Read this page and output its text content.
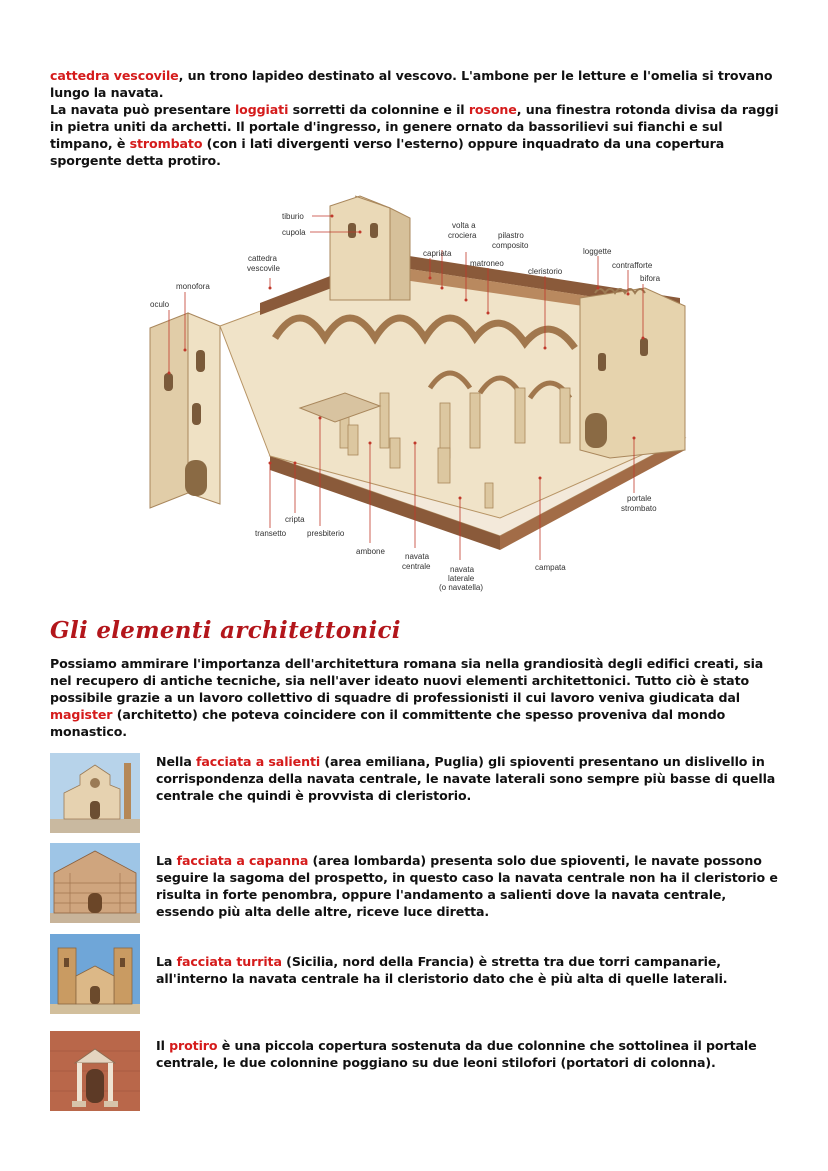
cattedra vescovile, un trono lapideo destinato al vescovo. L'ambone per le letture e l'omelia si trovano lungo la navata.

La navata può presentare loggiati sorretti da colonnine e il rosone, una finestra rotonda divisa da raggi in pietra uniti da archetti. Il portale d'ingresso, in genere ornato da bassorilievi sui fianchi e sul timpano, è strombato (con i lati divergenti verso l'esterno) oppure inquadrato da una copertura sporgente detta protiro.

tiburio
cupola
cattedra
vescovile
monofora
oculo
volta a
crociera	pilastro
composito
capriata
matroneo
cleristorio
loggette
contrafforte
bifora
portale
strombato
cripta
transetto	presbiterio
ambone
navata
centrale navata
laterale
(o navatella)
campata
Gli elementi architettonici

Possiamo ammirare l'importanza dell'architettura romana sia nella grandiosità degli edifici creati, sia nel recupero di antiche tecniche, sia nell'aver ideato nuovi elementi architettonici. Tutto ciò è stato possibile grazie a un lavoro collettivo di squadre di professionisti il cui lavoro veniva giudicata dal magister (architetto) che poteva coincidere con il committente che spesso proveniva dal mondo monastico.

Nella facciata a salienti (area emiliana, Puglia) gli spioventi presentano un dislivello in corrispondenza della navata centrale, le navate laterali sono sempre più basse di quella centrale che quindi è provvista di cleristorio.

La facciata a capanna (area lombarda) presenta solo due spioventi, le navate possono seguire la sagoma del prospetto, in questo caso la navata centrale non ha il cleristorio e risulta in forte penombra, oppure l'andamento a salienti dove la navata centrale, essendo più alta delle altre, riceve luce diretta.

La facciata turrita (Sicilia, nord della Francia) è stretta tra due torri campanarie, all'interno la navata centrale ha il cleristorio dato che è più alta di quelle laterali.

Il protiro è una piccola copertura sostenuta da due colonnine che sottolinea il portale centrale, le due colonnine poggiano su due leoni stilofori (portatori di colonna).
